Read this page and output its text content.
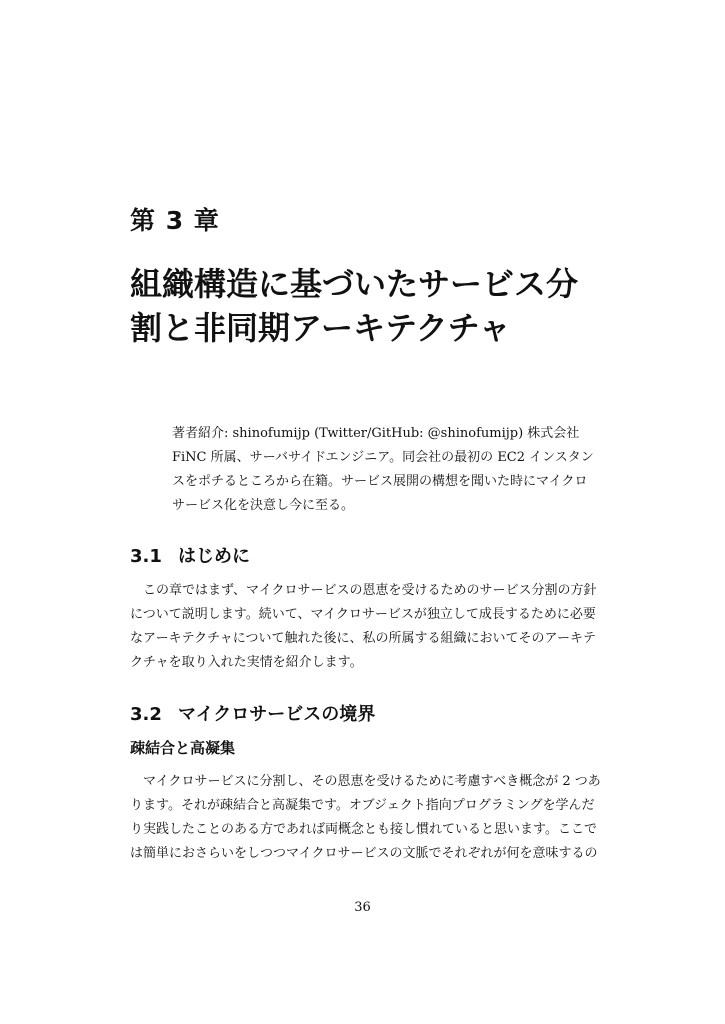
第 3 章
組織構造に基づいたサービス分
割と非同期アーキテクチャ
著者紹介: shinofumijp (Twitter/GitHub: @shinofumijp) 株式会社
FiNC 所属、サーバサイドエンジニア。同会社の最初の EC2 インスタン
スをポチるところから在籍。サービス展開の構想を聞いた時にマイクロ
サービス化を決意し今に至る。
3.1 はじめに
この章ではまず、マイクロサービスの恩恵を受けるためのサービス分割の方針
について説明します。続いて、マイクロサービスが独立して成長するために必要
なアーキテクチャについて触れた後に、私の所属する組織においてそのアーキテ
クチャを取り入れた実情を紹介します。
3.2 マイクロサービスの境界
疎結合と高凝集
マイクロサービスに分割し、その恩恵を受けるために考慮すべき概念が 2 つあ
ります。それが疎結合と高凝集です。オブジェクト指向プログラミングを学んだ
り実践したことのある方であれば両概念とも接し慣れていると思います。ここで
は簡単におさらいをしつつマイクロサービスの文脈でそれぞれが何を意味するの
36
